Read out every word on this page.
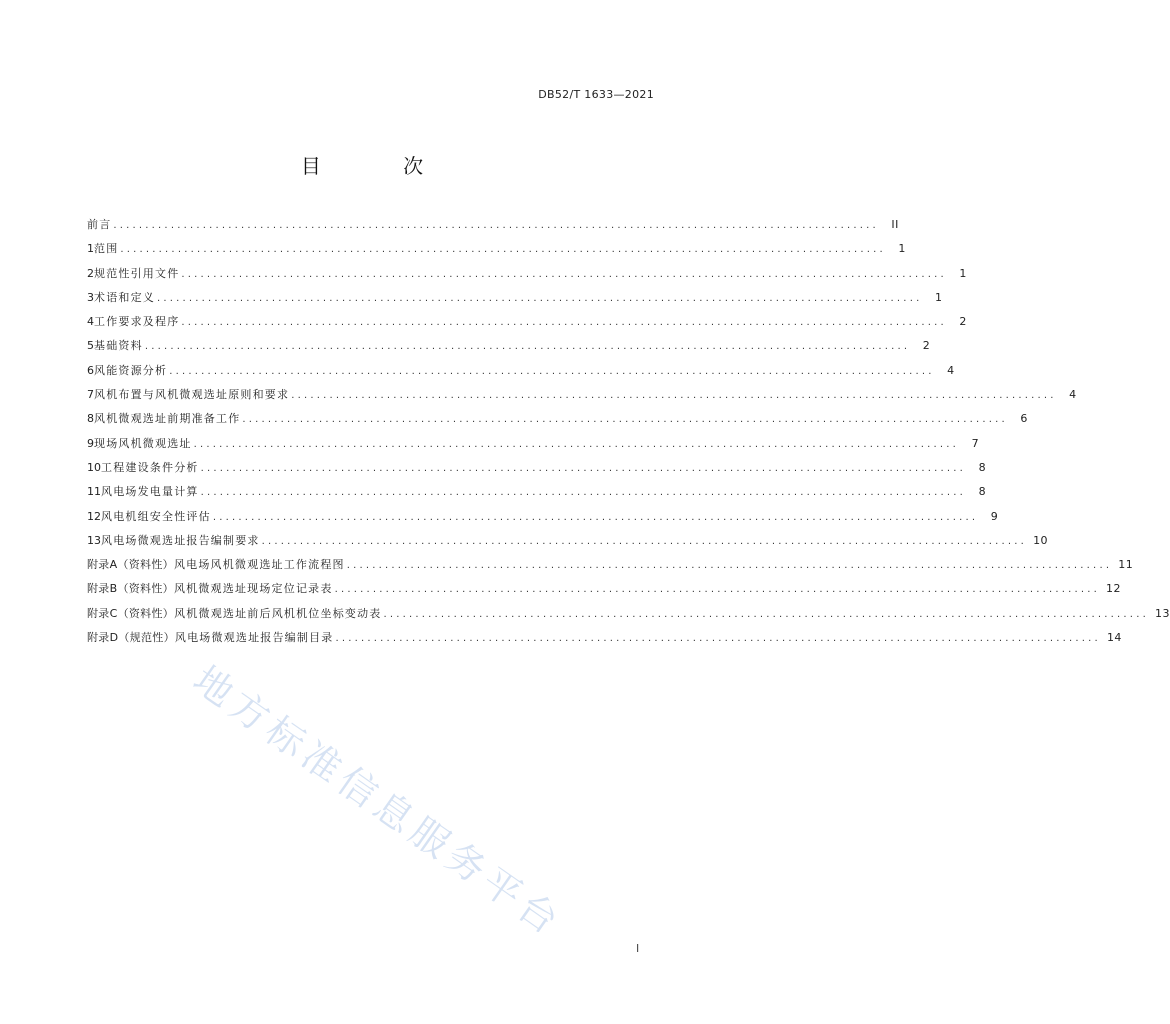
DB52/T 1633—2021
目 次
前言 ........................................................................................................................	II
1 范围 ........................................................................................................................	1
2 规范性引用文件 ........................................................................................................................	1
3 术语和定义 ........................................................................................................................	1
4 工作要求及程序 ........................................................................................................................	2
5 基础资料 ........................................................................................................................	2
6 风能资源分析 ........................................................................................................................	4
7 风机布置与风机微观选址原则和要求 ........................................................................................................................	4
8 风机微观选址前期准备工作 ........................................................................................................................	6
9 现场风机微观选址 ........................................................................................................................	7
10 工程建设条件分析 ........................................................................................................................	8
11 风电场发电量计算 ........................................................................................................................	8
12 风电机组安全性评估 ........................................................................................................................	9
13 风电场微观选址报告编制要求 ........................................................................................................................ 10
附录A（资料性） 风电场风机微观选址工作流程图 ........................................................................................................................ 11
附录B（资料性） 风机微观选址现场定位记录表 ........................................................................................................................ 12
附录C（资料性） 风机微观选址前后风机机位坐标变动表 ........................................................................................................................ 13
附录D（规范性） 风电场微观选址报告编制目录 ........................................................................................................................ 14
地方标准信息服务平台
I
